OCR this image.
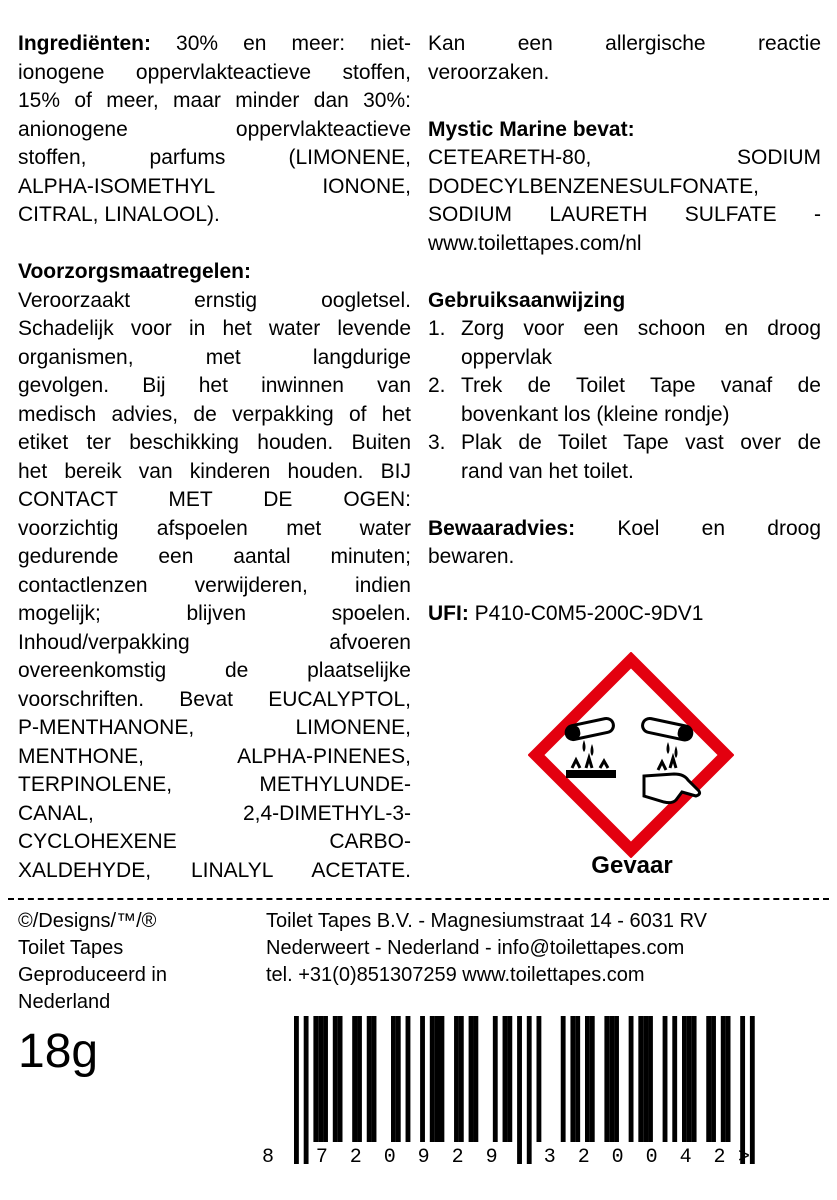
Ingrediënten: 30% en meer: niet-
ionogene oppervlakteactieve stoffen,
15% of meer, maar minder dan 30%:
anionogene oppervlakteactieve
stoffen, parfums (LIMONENE,
ALPHA-ISOMETHYL IONONE,
CITRAL, LINALOOL).
Voorzorgsmaatregelen:
Veroorzaakt ernstig oogletsel.
Schadelijk voor in het water levende
organismen, met langdurige
gevolgen. Bij het inwinnen van
medisch advies, de verpakking of het
etiket ter beschikking houden. Buiten
het bereik van kinderen houden. BIJ
CONTACT MET DE OGEN:
voorzichtig afspoelen met water
gedurende een aantal minuten;
contactlenzen verwijderen, indien
mogelijk; blijven spoelen.
Inhoud/verpakking afvoeren
overeenkomstig de plaatselijke
voorschriften. Bevat EUCALYPTOL,
P-MENTHANONE, LIMONENE,
MENTHONE, ALPHA-PINENES,
TERPINOLENE, METHYLUNDE-
CANAL, 2,4-DIMETHYL-3-
CYCLOHEXENE CARBO-
XALDEHYDE, LINALYL ACETATE.
Kan een allergische reactie
veroorzaken.
Mystic Marine bevat:
CETEARETH-80, SODIUM
DODECYLBENZENESULFONATE,
SODIUM LAURETH SULFATE -
www.toilettapes.com/nl
Gebruiksaanwijzing
1. Zorg voor een schoon en droog
oppervlak
2. Trek de Toilet Tape vanaf de
bovenkant los (kleine rondje)
3. Plak de Toilet Tape vast over de
rand van het toilet.
Bewaaradvies: Koel en droog
bewaren.
UFI: P410-C0M5-200C-9DV1
Gevaar
©/Designs/™/®
Toilet Tapes
Geproduceerd in
Nederland
Toilet Tapes B.V. - Magnesiumstraat 14 - 6031 RV
Nederweert - Nederland - info@toilettapes.com
tel. +31(0)851307259 www.toilettapes.com
18g
8 7 2 0 9 2 9 3 2 0 0 4 2 >
